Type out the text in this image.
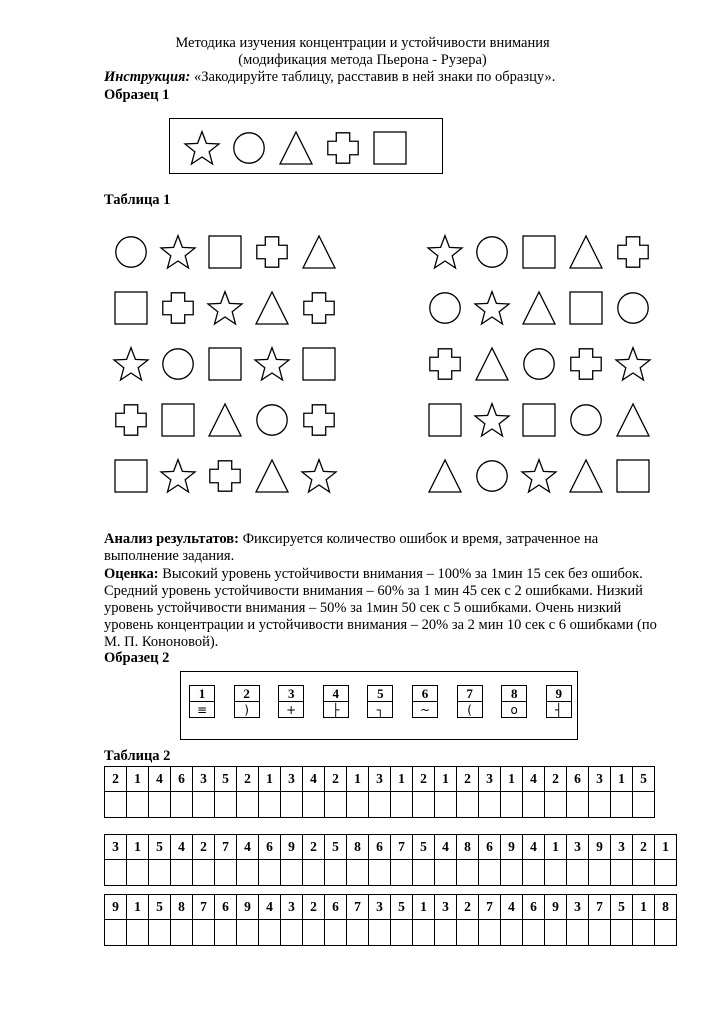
Методика изучения концентрации и устойчивости внимания
(модификация метода Пьерона - Рузера)
Инструкция: «Закодируйте таблицу, расставив в ней знаки по образцу».
Образец 1
Таблица 1
Анализ результатов: Фиксируется количество ошибок и время, затраченное на выполнение задания.
Оценка: Высокий уровень устойчивости внимания – 100% за 1мин 15 сек без ошибок. Средний уровень устойчивости внимания – 60% за 1 мин 45 сек с 2 ошибками. Низкий уровень устойчивости внимания – 50% за 1мин 50 сек с 5 ошибками. Очень низкий уровень концентрации и устойчивости внимания – 20% за 2 мин 10 сек с 6 ошибками (по М. П. Кононовой).
Образец 2
1
≡
2
)
3
+
4
├
5
┐
6
~
7
(
8
o
9
┤
Таблица 2
2	1	4	6	3	5	2	1	3	4	2	1	3	1	2	1	2	3	1	4	2	6	3	1	5

3	1	5	4	2	7	4	6	9	2	5	8	6	7	5	4	8	6	9	4	1	3	9	3	2	1

9	1	5	8	7	6	9	4	3	2	6	7	3	5	1	3	2	7	4	6	9	3	7	5	1	8
